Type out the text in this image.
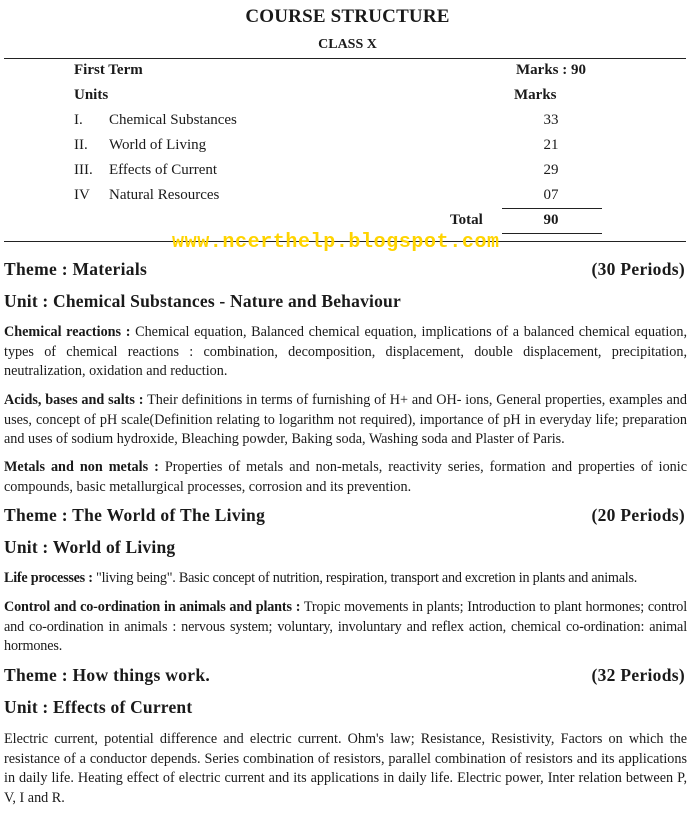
COURSE STRUCTURE
CLASS X
First Term	Marks : 90
Units	Marks
I. Chemical Substances	33
II. World of Living	21
III. Effects of Current	29
IV Natural Resources	07
Total	90
www.ncerthelp.blogspot.com
Theme : Materials	(30 Periods)
Unit : Chemical Substances - Nature and Behaviour
Chemical reactions : Chemical equation, Balanced chemical equation, implications of a balanced chemical equation, types of chemical reactions : combination, decomposition, displacement, double displacement, precipitation, neutralization, oxidation and reduction.
Acids, bases and salts : Their definitions in terms of furnishing of H+ and OH- ions, General properties, examples and uses, concept of pH scale(Definition relating to logarithm not required), importance of pH in everyday life; preparation and uses of sodium hydroxide, Bleaching powder, Baking soda, Washing soda and Plaster of Paris.
Metals and non metals : Properties of metals and non-metals, reactivity series, formation and properties of ionic compounds, basic metallurgical processes, corrosion and its prevention.
Theme : The World of The Living	(20 Periods)
Unit : World of Living
Life processes : "living being". Basic concept of nutrition, respiration, transport and excretion in plants and animals.
Control and co-ordination in animals and plants : Tropic movements in plants; Introduction to plant hormones; control and co-ordination in animals : nervous system; voluntary, involuntary and reflex action, chemical co-ordination: animal hormones.
Theme : How things work.	(32 Periods)
Unit : Effects of Current
Electric current, potential difference and electric current. Ohm's law; Resistance, Resistivity, Factors on which the resistance of a conductor depends. Series combination of resistors, parallel combination of resistors and its applications in daily life. Heating effect of electric current and its applications in daily life. Electric power, Inter relation between P, V, I and R.
